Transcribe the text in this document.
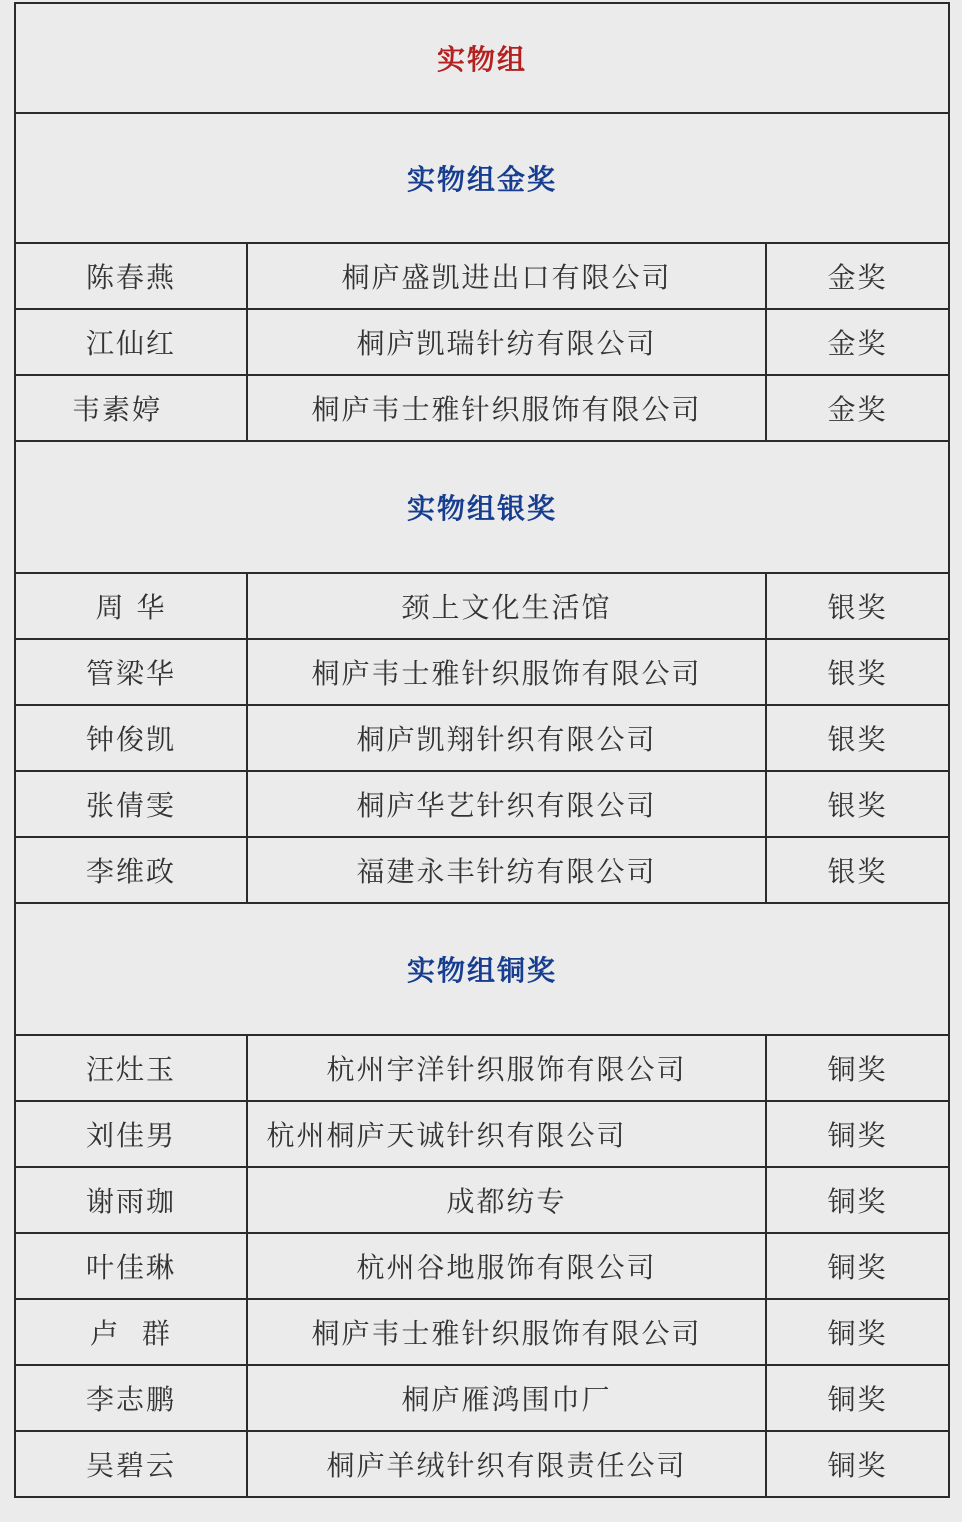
实物组		
实物组金奖		
陈春燕	桐庐盛凯进出口有限公司	金奖
江仙红	桐庐凯瑞针纺有限公司	金奖
韦素婷	桐庐韦士雅针织服饰有限公司	金奖
实物组银奖		
周 华	颈上文化生活馆	银奖
管梁华	桐庐韦士雅针织服饰有限公司	银奖
钟俊凯	桐庐凯翔针织有限公司	银奖
张倩雯	桐庐华艺针织有限公司	银奖
李维政	福建永丰针纺有限公司	银奖
实物组铜奖		
汪灶玉	杭州宇洋针织服饰有限公司	铜奖
刘佳男	杭州桐庐天诚针织有限公司	铜奖
谢雨珈	成都纺专	铜奖
叶佳琳	杭州谷地服饰有限公司	铜奖
卢  群	桐庐韦士雅针织服饰有限公司	铜奖
李志鹏	桐庐雁鸿围巾厂	铜奖
吴碧云	桐庐羊绒针织有限责任公司	铜奖
